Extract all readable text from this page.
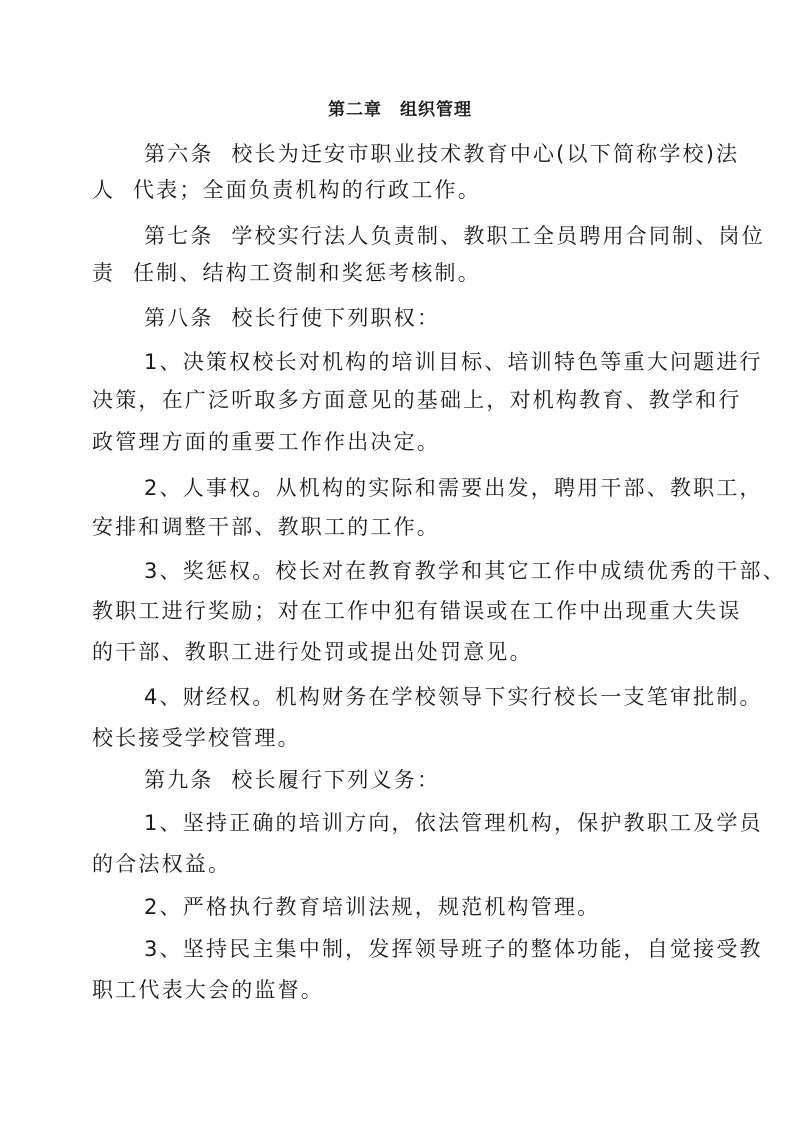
第二章　组织管理
第六条  校长为迁安市职业技术教育中心(以下简称学校)法
人  代表；全面负责机构的行政工作。
第七条  学校实行法人负责制、教职工全员聘用合同制、岗位
责  任制、结构工资制和奖惩考核制。
第八条  校长行使下列职权：
1、决策权校长对机构的培训目标、培训特色等重大问题进行
决策，在广泛听取多方面意见的基础上，对机构教育、教学和行
政管理方面的重要工作作出决定。
2、人事权。从机构的实际和需要出发，聘用干部、教职工，
安排和调整干部、教职工的工作。
3、奖惩权。校长对在教育教学和其它工作中成绩优秀的干部、
教职工进行奖励；对在工作中犯有错误或在工作中出现重大失误
的干部、教职工进行处罚或提出处罚意见。
4、财经权。机构财务在学校领导下实行校长一支笔审批制。
校长接受学校管理。
第九条  校长履行下列义务：
1、坚持正确的培训方向，依法管理机构，保护教职工及学员
的合法权益。
2、严格执行教育培训法规，规范机构管理。
3、坚持民主集中制，发挥领导班子的整体功能，自觉接受教
职工代表大会的监督。
